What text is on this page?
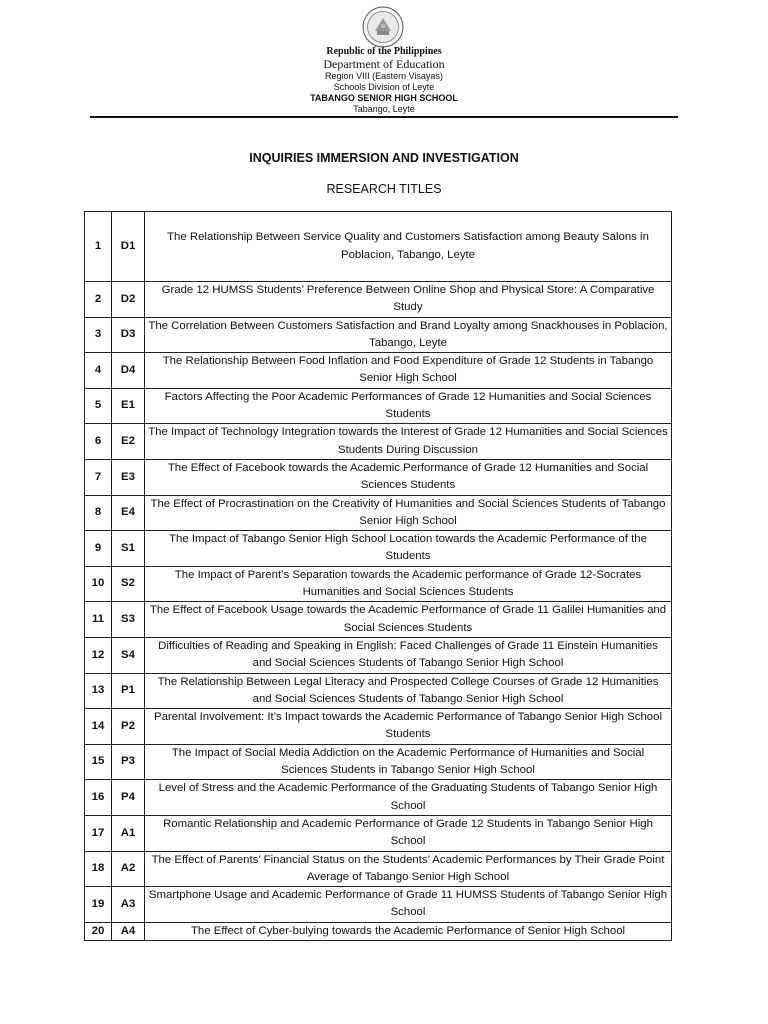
Republic of the Philippines
Department of Education
Region VIII (Eastern Visayas)
Schools Division of Leyte
TABANGO SENIOR HIGH SCHOOL
Tabango, Leyte
INQUIRIES IMMERSION AND INVESTIGATION
RESEARCH TITLES
1	D1	The Relationship Between Service Quality and Customers Satisfaction among Beauty Salons in Poblacion, Tabango, Leyte
2	D2	Grade 12 HUMSS Students’ Preference Between Online Shop and Physical Store: A Comparative Study
3	D3	The Correlation Between Customers Satisfaction and Brand Loyalty among Snackhouses in Poblacion, Tabango, Leyte
4	D4	The Relationship Between Food Inflation and Food Expenditure of Grade 12 Students in Tabango Senior High School
5	E1	Factors Affecting the Poor Academic Performances of Grade 12 Humanities and Social Sciences Students
6	E2	The Impact of Technology Integration towards the Interest of Grade 12 Humanities and Social Sciences Students During Discussion
7	E3	The Effect of Facebook towards the Academic Performance of Grade 12 Humanities and Social Sciences Students
8	E4	The Effect of Procrastination on the Creativity of Humanities and Social Sciences Students of Tabango Senior High School
9	S1	The Impact of Tabango Senior High School Location towards the Academic Performance of the Students
10	S2	The Impact of Parent’s Separation towards the Academic performance of Grade 12-Socrates Humanities and Social Sciences Students
11	S3	The Effect of Facebook Usage towards the Academic Performance of Grade 11 Galilei Humanities and Social Sciences Students
12	S4	Difficulties of Reading and Speaking in English: Faced Challenges of Grade 11 Einstein Humanities and Social Sciences Students of Tabango Senior High School
13	P1	The Relationship Between Legal Literacy and Prospected College Courses of Grade 12 Humanities and Social Sciences Students of Tabango Senior High School
14	P2	Parental Involvement: It’s Impact towards the Academic Performance of Tabango Senior High School Students
15	P3	The Impact of Social Media Addiction on the Academic Performance of Humanities and Social Sciences Students in Tabango Senior High School
16	P4	Level of Stress and the Academic Performance of the Graduating Students of Tabango Senior High School
17	A1	Romantic Relationship and Academic Performance of Grade 12 Students in Tabango Senior High School
18	A2	The Effect of Parents’ Financial Status on the Students’ Academic Performances by Their Grade Point Average of Tabango Senior High School
19	A3	Smartphone Usage and Academic Performance of Grade 11 HUMSS Students of Tabango Senior High School
20	A4	The Effect of Cyber-bulying towards the Academic Performance of Senior High School
